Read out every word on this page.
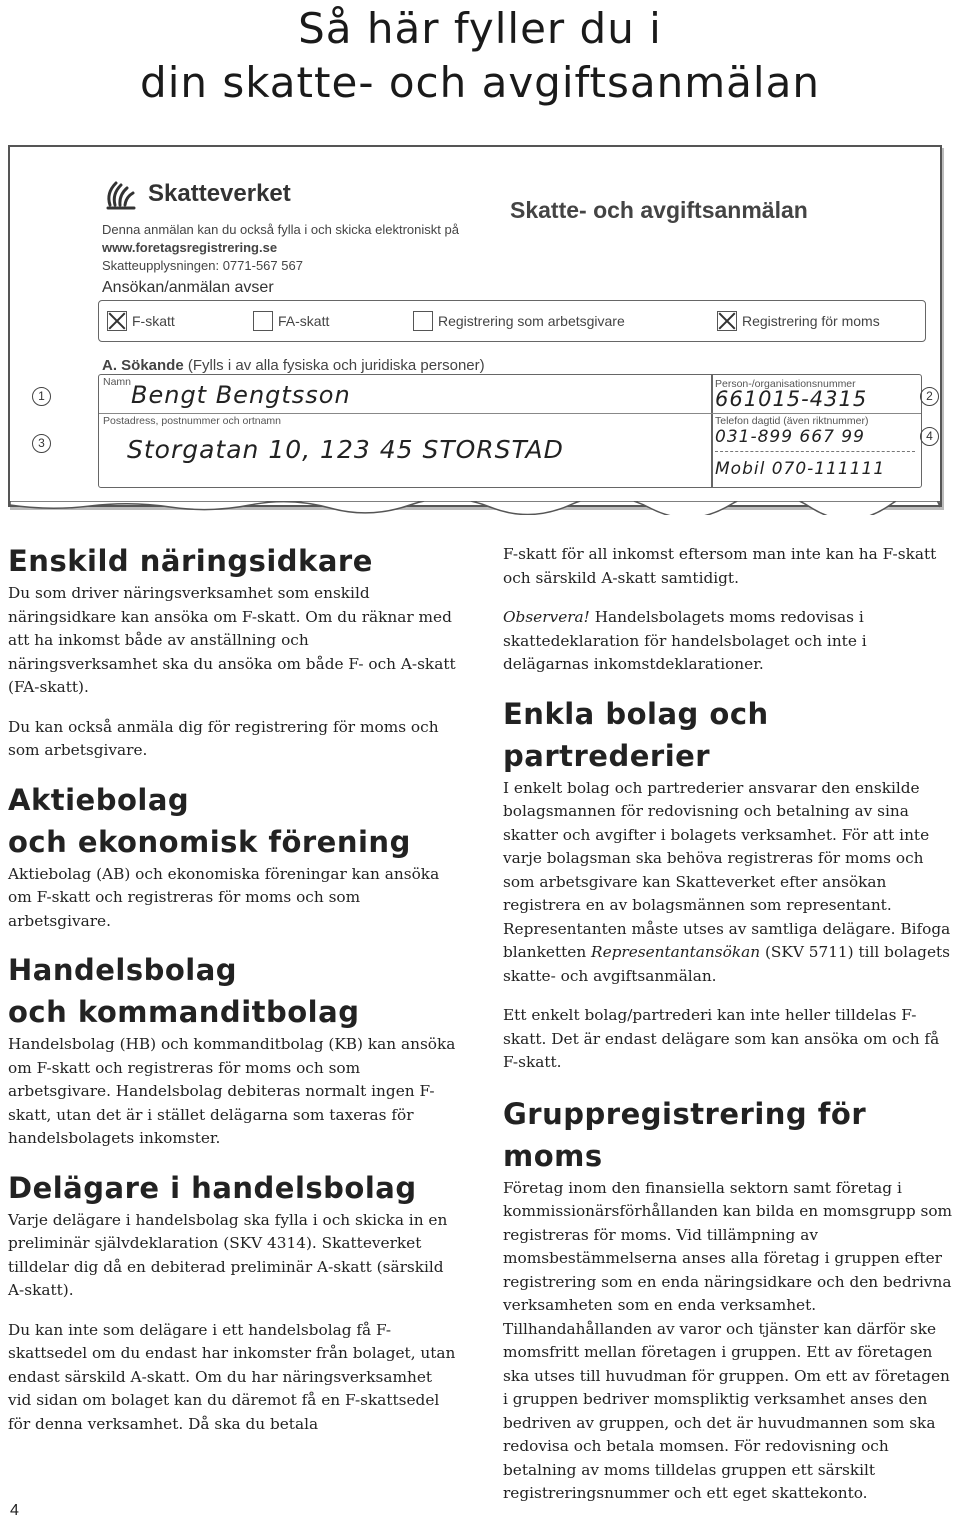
Så här fyller du i
din skatte- och avgiftsanmälan
Skatteverket
Denna anmälan kan du också fylla i och skicka elektroniskt på
www.foretagsregistrering.se
Skatteupplysningen: 0771-567 567
Ansökan/anmälan avser
Skatte- och avgiftsanmälan
F-skatt	FA-skatt	Registrering som arbetsgivare	Registrering för moms
A. Sökande (Fylls i av alla fysiska och juridiska personer)
Namn Bengt Bengtsson
Postadress, postnummer och ortnamn
Storgatan 10, 123 45 STORSTAD
Person-/organisationsnummer
661015-4315
Telefon dagtid (även riktnummer)
031-899 667 99
Mobil 070-111111
1
3
2
4
Enskild näringsidkare

Du som driver näringsverksamhet som enskild näringsidkare kan ansöka om F-skatt. Om du räknar med att ha inkomst både av anställning och näringsverksamhet ska du ansöka om både F- och A-skatt (FA-skatt).

Du kan också anmäla dig för registrering för moms och som arbetsgivare.

Aktiebolag
och ekonomisk förening

Aktiebolag (AB) och ekonomiska föreningar kan ansöka om F-skatt och registreras för moms och som arbetsgivare.

Handelsbolag
och kommanditbolag

Handelsbolag (HB) och kommanditbolag (KB) kan ansöka om F-skatt och registreras för moms och som arbetsgivare. Handelsbolag debiteras normalt ingen F-skatt, utan det är i stället delägarna som taxeras för handelsbolagets inkomster.

Delägare i handelsbolag

Varje delägare i handelsbolag ska fylla i och skicka in en preliminär självdeklaration (SKV 4314). Skatteverket tilldelar dig då en debiterad preliminär A-skatt (särskild A-skatt).

Du kan inte som delägare i ett handelsbolag få F-skattsedel om du endast har inkomster från bolaget, utan endast särskild A-skatt. Om du har näringsverksamhet vid sidan om bolaget kan du däremot få en F-skattsedel för denna verksamhet. Då ska du betala

F-skatt för all inkomst eftersom man inte kan ha F-skatt och särskild A-skatt samtidigt.

Observera! Handelsbolagets moms redovisas i skattedeklaration för handelsbolaget och inte i delägarnas inkomstdeklarationer.

Enkla bolag och partrederier

I enkelt bolag och partrederier ansvarar den enskilde bolagsmannen för redovisning och betalning av sina skatter och avgifter i bolagets verksamhet. För att inte varje bolagsman ska behöva registreras för moms och som arbetsgivare kan Skatteverket efter ansökan registrera en av bolagsmännen som representant. Representanten måste utses av samtliga delägare. Bifoga blanketten Representantansökan (SKV 5711) till bolagets skatte- och avgiftsanmälan.

Ett enkelt bolag/partrederi kan inte heller tilldelas F-skatt. Det är endast delägare som kan ansöka om och få F-skatt.

Gruppregistrering för moms

Företag inom den finansiella sektorn samt företag i kommissionärsförhållanden kan bilda en momsgrupp som registreras för moms. Vid tillämpning av momsbestämmelserna anses alla företag i gruppen efter registrering som en enda näringsidkare och den bedrivna verksamheten som en enda verksamhet. Tillhandahållanden av varor och tjänster kan därför ske momsfritt mellan företagen i gruppen. Ett av företagen ska utses till huvudman för gruppen. Om ett av företagen i gruppen bedriver momspliktig verksamhet anses den bedriven av gruppen, och det är huvudmannen som ska redovisa och betala momsen. För redovisning och betalning av moms tilldelas gruppen ett särskilt registreringsnummer och ett eget skattekonto.

4
